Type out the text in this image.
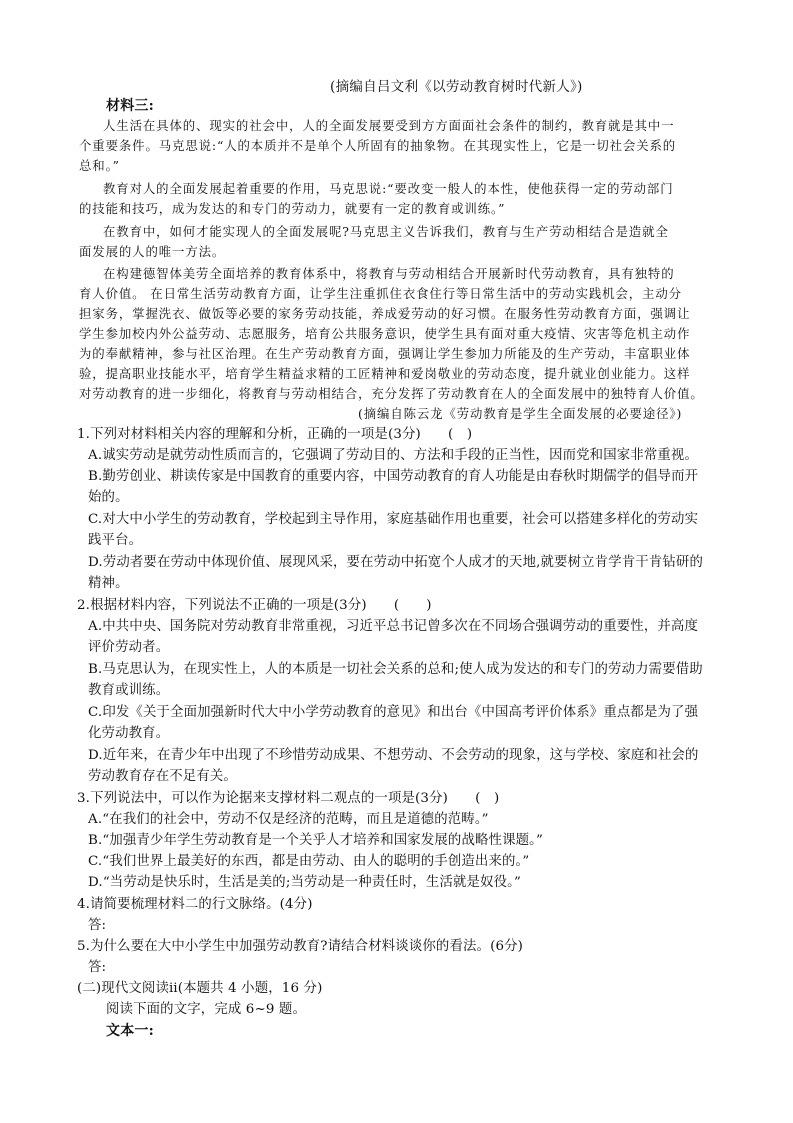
(摘编自吕文利《以劳动教育树时代新人》)
材料三:
人生活在具体的、现实的社会中，人的全面发展要受到方方面面社会条件的制约，教育就是其中一
个重要条件。马克思说:“人的本质并不是单个人所固有的抽象物。在其现实性上，它是一切社会关系的
总和。”
教育对人的全面发展起着重要的作用，马克思说:“要改变一般人的本性，使他获得一定的劳动部门
的技能和技巧，成为发达的和专门的劳动力，就要有一定的教育或训练。”
在教育中，如何才能实现人的全面发展呢?马克思主义告诉我们，教育与生产劳动相结合是造就全
面发展的人的唯一方法。
在构建德智体美劳全面培养的教育体系中，将教育与劳动相结合开展新时代劳动教育，具有独特的
育人价值。 在日常生活劳动教育方面，让学生注重抓住衣食住行等日常生活中的劳动实践机会，主动分
担家务，掌握洗衣、做饭等必要的家务劳动技能，养成爱劳动的好习惯。在服务性劳动教育方面，强调让
学生参加校内外公益劳动、志愿服务，培育公共服务意识，使学生具有面对重大疫情、灾害等危机主动作
为的奉献精神，参与社区治理。在生产劳动教育方面，强调让学生参加力所能及的生产劳动，丰富职业体
验，提高职业技能水平，培育学生精益求精的工匠精神和爱岗敬业的劳动态度，提升就业创业能力。这样
对劳动教育的进一步细化，将教育与劳动相结合，充分发挥了劳动教育在人的全面发展中的独特育人价值。
(摘编自陈云龙《劳动教育是学生全面发展的必要途径》)
1.下列对材料相关内容的理解和分析，正确的一项是(3分)　　(　)
A.诚实劳动是就劳动性质而言的，它强调了劳动目的、方法和手段的正当性，因而党和国家非常重视。
B.勤劳创业、耕读传家是中国教育的重要内容，中国劳动教育的育人功能是由春秋时期儒学的倡导而开
始的。
C.对大中小学生的劳动教育，学校起到主导作用，家庭基础作用也重要，社会可以搭建多样化的劳动实
践平台。
D.劳动者要在劳动中体现价值、展现风采，要在劳动中拓宽个人成才的天地,就要树立肯学肯干肯钻研的
精神。
2.根据材料内容，下列说法不正确的一项是(3分)　　(　　)
A.中共中央、国务院对劳动教育非常重视，习近平总书记曾多次在不同场合强调劳动的重要性，并高度
评价劳动者。
B.马克思认为，在现实性上，人的本质是一切社会关系的总和;使人成为发达的和专门的劳动力需要借助
教育或训练。
C.印发《关于全面加强新时代大中小学劳动教育的意见》和出台《中国高考评价体系》重点都是为了强
化劳动教育。
D.近年来，在青少年中出现了不珍惜劳动成果、不想劳动、不会劳动的现象，这与学校、家庭和社会的
劳动教育存在不足有关。
3.下列说法中，可以作为论据来支撑材料二观点的一项是(3分)　　(　)
A.“在我们的社会中，劳动不仅是经济的范畴，而且是道德的范畴。”
B.“加强青少年学生劳动教育是一个关乎人才培养和国家发展的战略性课题。”
C.“我们世界上最美好的东西，都是由劳动、由人的聪明的手创造出来的。”
D.“当劳动是快乐时，生活是美的;当劳动是一种责任时，生活就是奴役。”
4.请简要梳理材料二的行文脉络。(4分)
答:
5.为什么要在大中小学生中加强劳动教育?请结合材料谈谈你的看法。(6分)
答:
(二)现代文阅读ⅱ(本题共 4 小题，16 分)
阅读下面的文字，完成 6~9 题。
文本一:
